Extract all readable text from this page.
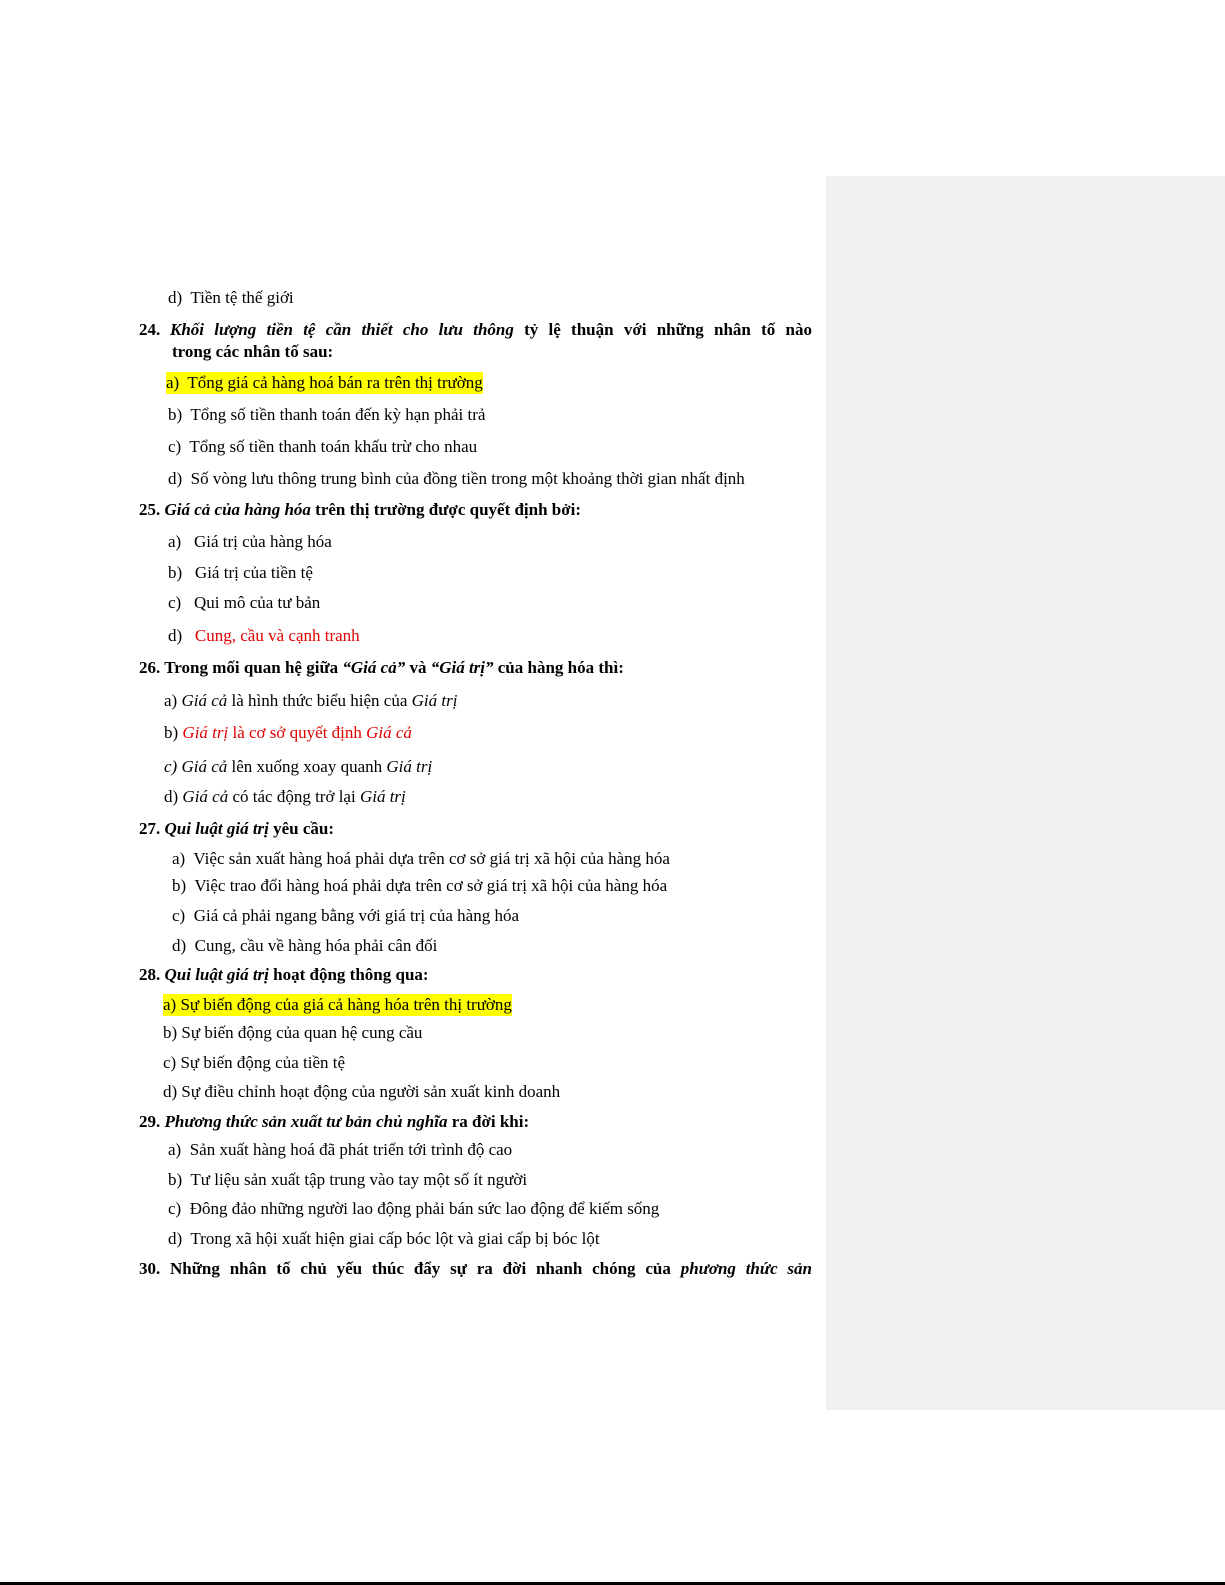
d) Tiền tệ thế giới
24. Khối lượng tiền tệ cần thiết cho lưu thông tỷ lệ thuận với những nhân tố nào
trong các nhân tố sau:
a) Tổng giá cả hàng hoá bán ra trên thị trường
b) Tổng số tiền thanh toán đến kỳ hạn phải trả
c) Tổng số tiền thanh toán khấu trừ cho nhau
d) Số vòng lưu thông trung bình của đồng tiền trong một khoảng thời gian nhất định
25. Giá cả của hàng hóa trên thị trường được quyết định bởi:
a) Giá trị của hàng hóa
b) Giá trị của tiền tệ
c) Qui mô của tư bản
d) Cung, cầu và cạnh tranh
26. Trong mối quan hệ giữa “Giá cả” và “Giá trị” của hàng hóa thì:
a) Giá cả là hình thức biểu hiện của Giá trị
b) Giá trị là cơ sở quyết định Giá cả
c) Giá cả lên xuống xoay quanh Giá trị
d) Giá cả có tác động trở lại Giá trị
27. Qui luật giá trị yêu cầu:
a) Việc sản xuất hàng hoá phải dựa trên cơ sở giá trị xã hội của hàng hóa
b) Việc trao đổi hàng hoá phải dựa trên cơ sở giá trị xã hội của hàng hóa
c) Giá cả phải ngang bằng với giá trị của hàng hóa
d) Cung, cầu về hàng hóa phải cân đối
28. Qui luật giá trị hoạt động thông qua:
a) Sự biến động của giá cả hàng hóa trên thị trường
b) Sự biến động của quan hệ cung cầu
c) Sự biến động của tiền tệ
d) Sự điều chỉnh hoạt động của người sản xuất kinh doanh
29. Phương thức sản xuất tư bản chủ nghĩa ra đời khi:
a) Sản xuất hàng hoá đã phát triển tới trình độ cao
b) Tư liệu sản xuất tập trung vào tay một số ít người
c) Đông đảo những người lao động phải bán sức lao động để kiếm sống
d) Trong xã hội xuất hiện giai cấp bóc lột và giai cấp bị bóc lột
30. Những nhân tố chủ yếu thúc đẩy sự ra đời nhanh chóng của phương thức sản
